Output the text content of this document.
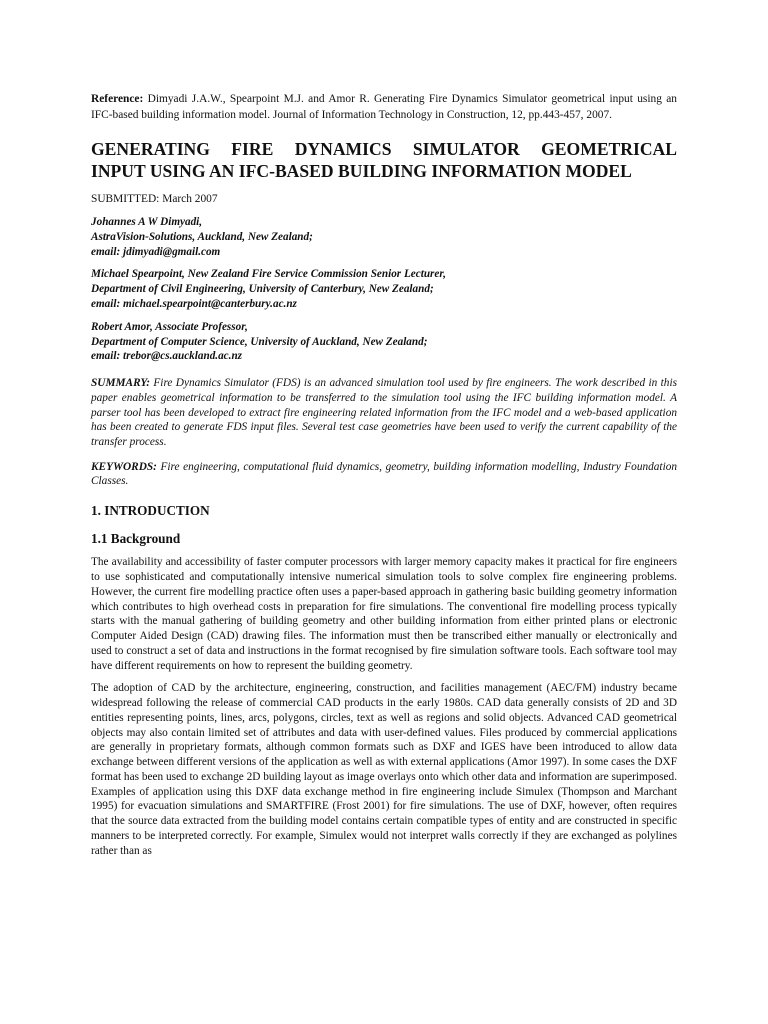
Reference: Dimyadi J.A.W., Spearpoint M.J. and Amor R. Generating Fire Dynamics Simulator geometrical input using an IFC-based building information model. Journal of Information Technology in Construction, 12, pp.443-457, 2007.
GENERATING FIRE DYNAMICS SIMULATOR GEOMETRICAL
INPUT USING AN IFC-BASED BUILDING INFORMATION MODEL
SUBMITTED: March 2007
Johannes A W Dimyadi,
AstraVision-Solutions, Auckland, New Zealand;
email: jdimyadi@gmail.com
Michael Spearpoint, New Zealand Fire Service Commission Senior Lecturer,
Department of Civil Engineering, University of Canterbury, New Zealand;
email: michael.spearpoint@canterbury.ac.nz
Robert Amor, Associate Professor,
Department of Computer Science, University of Auckland, New Zealand;
email: trebor@cs.auckland.ac.nz
SUMMARY: Fire Dynamics Simulator (FDS) is an advanced simulation tool used by fire engineers. The work described in this paper enables geometrical information to be transferred to the simulation tool using the IFC building information model. A parser tool has been developed to extract fire engineering related information from the IFC model and a web-based application has been created to generate FDS input files. Several test case geometries have been used to verify the current capability of the transfer process.
KEYWORDS: Fire engineering, computational fluid dynamics, geometry, building information modelling, Industry Foundation Classes.
1. INTRODUCTION
1.1 Background
The availability and accessibility of faster computer processors with larger memory capacity makes it practical for fire engineers to use sophisticated and computationally intensive numerical simulation tools to solve complex fire engineering problems. However, the current fire modelling practice often uses a paper-based approach in gathering basic building geometry information which contributes to high overhead costs in preparation for fire simulations. The conventional fire modelling process typically starts with the manual gathering of building geometry and other building information from either printed plans or electronic Computer Aided Design (CAD) drawing files. The information must then be transcribed either manually or electronically and used to construct a set of data and instructions in the format recognised by fire simulation software tools. Each software tool may have different requirements on how to represent the building geometry.
The adoption of CAD by the architecture, engineering, construction, and facilities management (AEC/FM) industry became widespread following the release of commercial CAD products in the early 1980s. CAD data generally consists of 2D and 3D entities representing points, lines, arcs, polygons, circles, text as well as regions and solid objects. Advanced CAD geometrical objects may also contain limited set of attributes and data with user-defined values. Files produced by commercial applications are generally in proprietary formats, although common formats such as DXF and IGES have been introduced to allow data exchange between different versions of the application as well as with external applications (Amor 1997). In some cases the DXF format has been used to exchange 2D building layout as image overlays onto which other data and information are superimposed. Examples of application using this DXF data exchange method in fire engineering include Simulex (Thompson and Marchant 1995) for evacuation simulations and SMARTFIRE (Frost 2001) for fire simulations. The use of DXF, however, often requires that the source data extracted from the building model contains certain compatible types of entity and are constructed in specific manners to be interpreted correctly. For example, Simulex would not interpret walls correctly if they are exchanged as polylines rather than as
